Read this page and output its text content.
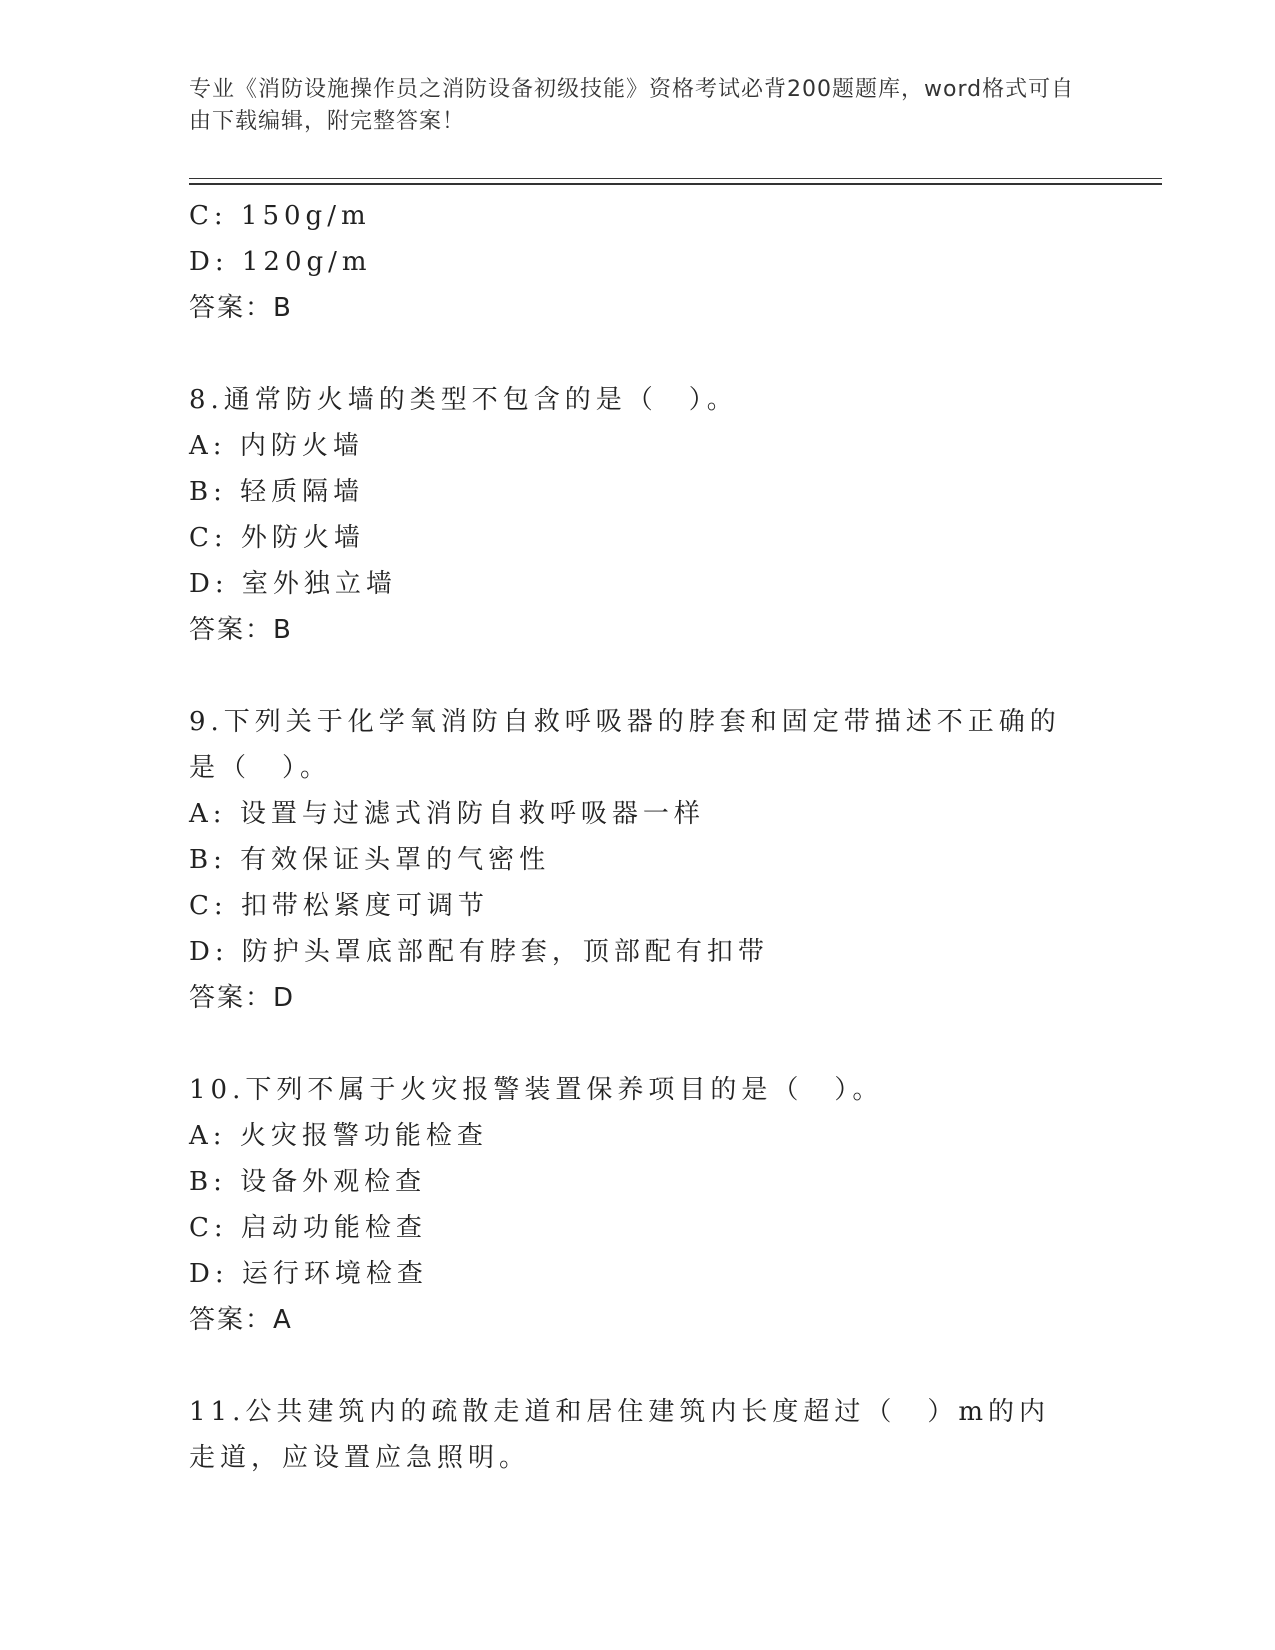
专业《消防设施操作员之消防设备初级技能》资格考试必背200题题库，word格式可自由下载编辑，附完整答案！
C: 150g/m
D: 120g/m
答案：B
8.通常防火墙的类型不包含的是（　）。
A: 内防火墙
B: 轻质隔墙
C: 外防火墙
D: 室外独立墙
答案：B
9.下列关于化学氧消防自救呼吸器的脖套和固定带描述不正确的是（　）。
A: 设置与过滤式消防自救呼吸器一样
B: 有效保证头罩的气密性
C: 扣带松紧度可调节
D: 防护头罩底部配有脖套，顶部配有扣带
答案：D
10.下列不属于火灾报警装置保养项目的是（　）。
A: 火灾报警功能检查
B: 设备外观检查
C: 启动功能检查
D: 运行环境检查
答案：A
11.公共建筑内的疏散走道和居住建筑内长度超过（　）m的内走道，应设置应急照明。
